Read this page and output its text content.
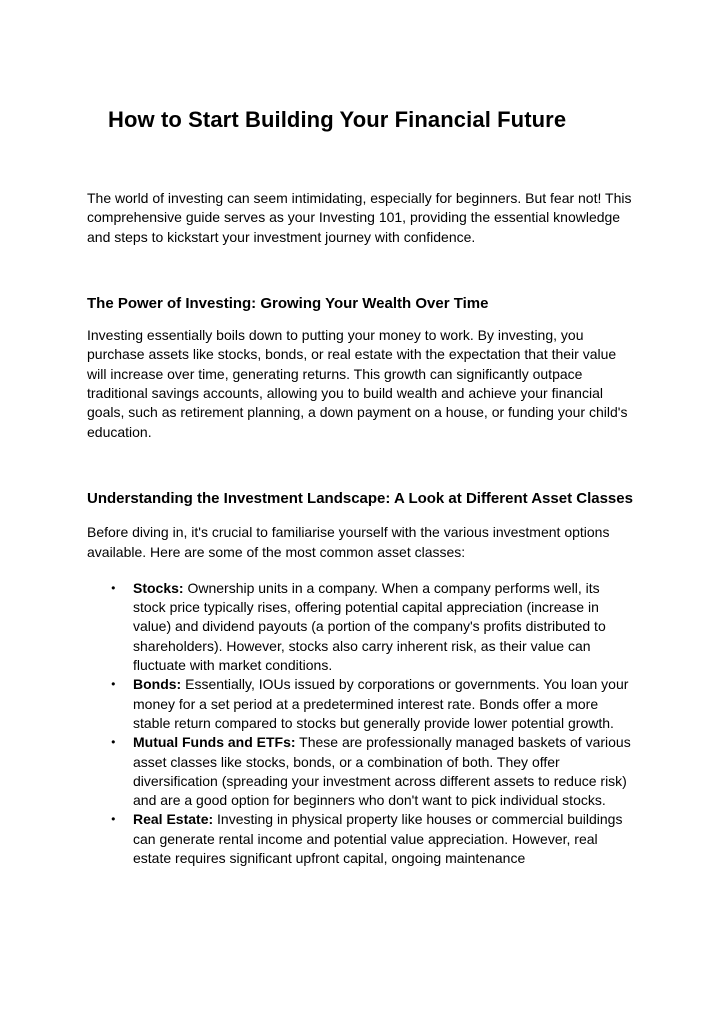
How to Start Building Your Financial Future

The world of investing can seem intimidating, especially for beginners. But fear not! This comprehensive guide serves as your Investing 101, providing the essential knowledge and steps to kickstart your investment journey with confidence.

The Power of Investing: Growing Your Wealth Over Time

Investing essentially boils down to putting your money to work. By investing, you purchase assets like stocks, bonds, or real estate with the expectation that their value will increase over time, generating returns. This growth can significantly outpace traditional savings accounts, allowing you to build wealth and achieve your financial goals, such as retirement planning, a down payment on a house, or funding your child's education.

Understanding the Investment Landscape: A Look at Different Asset Classes

Before diving in, it's crucial to familiarise yourself with the various investment options available. Here are some of the most common asset classes:

● Stocks: Ownership units in a company. When a company performs well, its stock price typically rises, offering potential capital appreciation (increase in value) and dividend payouts (a portion of the company's profits distributed to shareholders). However, stocks also carry inherent risk, as their value can fluctuate with market conditions.
● Bonds: Essentially, IOUs issued by corporations or governments. You loan your money for a set period at a predetermined interest rate. Bonds offer a more stable return compared to stocks but generally provide lower potential growth.
● Mutual Funds and ETFs: These are professionally managed baskets of various asset classes like stocks, bonds, or a combination of both. They offer diversification (spreading your investment across different assets to reduce risk) and are a good option for beginners who don't want to pick individual stocks.
● Real Estate: Investing in physical property like houses or commercial buildings can generate rental income and potential value appreciation. However, real estate requires significant upfront capital, ongoing maintenance
